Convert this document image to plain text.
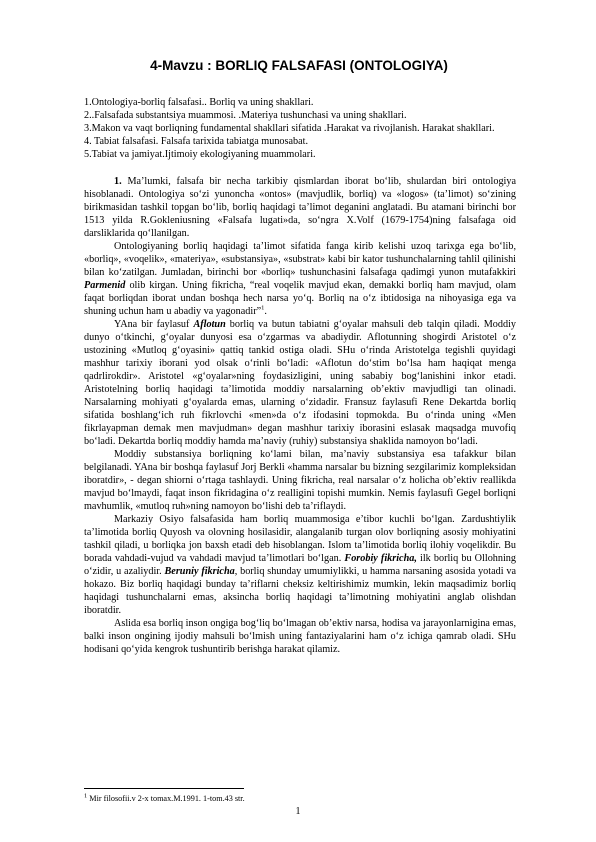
4-Mavzu : BORLIQ FALSAFASI (ONTOLOGIYA)

1.Ontologiya-borliq falsafasi.. Borliq va uning shakllari.

2..Falsafada substantsiya muammosi. .Materiya tushunchasi va uning shakllari.

3.Makon va vaqt borliqning fundamental shakllari sifatida .Harakat va rivojlanish. Harakat shakllari.

4. Tabiat falsafasi. Falsafa tarixida tabiatga munosabat.

5.Tabiat va jamiyat.Ijtimoiy ekologiyaning muammolari.

1. Ma’lumki, falsafa bir necha tarkibiy qismlardan iborat bo‘lib, shulardan biri ontologiya hisoblanadi. Ontologiya so‘zi yunoncha «ontos» (mavjudlik, borliq) va «logos» (ta’limot) so‘zining birikmasidan tashkil topgan bo‘lib, borliq haqidagi ta’limot deganini anglatadi. Bu atamani birinchi bor 1513 yilda R.Gokleniusning «Falsafa lugati»da, so‘ngra X.Volf (1679-1754)ning falsafaga oid darsliklarida qo‘llanilgan.

Ontologiyaning borliq haqidagi ta’limot sifatida fanga kirib kelishi uzoq tarixga ega bo‘lib, «borliq», «voqelik», «materiya», «substansiya», «substrat» kabi bir kator tushunchalarning tahlil qilinishi bilan ko‘zatilgan. Jumladan, birinchi bor «borliq» tushunchasini falsafaga qadimgi yunon mutafakkiri Parmenid olib kirgan. Uning fikricha, “real voqelik mavjud ekan, demakki borliq ham mavjud, olam faqat borliqdan iborat undan boshqa hech narsa yo‘q. Borliq na o‘z ibtidosiga na nihoyasiga ega va shuning uchun ham u abadiy va yagonadir”$^1$.

YAna bir faylasuf Aflotun borliq va butun tabiatni g‘oyalar mahsuli deb talqin qiladi. Moddiy dunyo o‘tkinchi, g‘oyalar dunyosi esa o‘zgarmas va abadiydir. Aflotunning shogirdi Aristotel o‘z ustozining «Mutloq g‘oyasini» qattiq tankid ostiga oladi. SHu o‘rinda Aristotelga tegishli quyidagi mashhur tarixiy iborani yod olsak o‘rinli bo‘ladi: «Aflotun do‘stim bo‘lsa ham haqiqat menga qadrlirokdir». Aristotel «g‘oyalar»ning foydasizligini, uning sababiy bog‘lanishini inkor etadi. Aristotelning borliq haqidagi ta’limotida moddiy narsalarning ob’ektiv mavjudligi tan olinadi. Narsalarning mohiyati g‘oyalarda emas, ularning o‘zidadir. Fransuz faylasufi Rene Dekartda borliq sifatida boshlang‘ich ruh fikrlovchi «men»da o‘z ifodasini topmokda. Bu o‘rinda uning «Men fikrlayapman demak men mavjudman» degan mashhur tarixiy iborasini eslasak maqsadga muvofiq bo‘ladi. Dekartda borliq moddiy hamda ma’naviy (ruhiy) substansiya shaklida namoyon bo‘ladi.

Moddiy substansiya borliqning ko‘lami bilan, ma’naviy substansiya esa tafakkur bilan belgilanadi. YAna bir boshqa faylasuf Jorj Berkli «hamma narsalar bu bizning sezgilarimiz kompleksidan iboratdir», - degan shiorni o‘rtaga tashlaydi. Uning fikricha, real narsalar o‘z holicha ob’ektiv reallikda mavjud bo‘lmaydi, faqat inson fikridagina o‘z realligini topishi mumkin. Nemis faylasufi Gegel borliqni mavhumlik, «mutloq ruh»ning namoyon bo‘lishi deb ta’riflaydi.

Markaziy Osiyo falsafasida ham borliq muammosiga e’tibor kuchli bo‘lgan. Zardushtiylik ta’limotida borliq Quyosh va olovning hosilasidir, alangalanib turgan olov borliqning asosiy mohiyatini tashkil qiladi, u borliqka jon baxsh etadi deb hisoblangan. Islom ta’limotida borliq ilohiy voqelikdir. Bu borada vahdadi-vujud va vahdadi mavjud ta’limotlari bo‘lgan. Forobiy fikricha, ilk borliq bu Ollohning o‘zidir, u azaliydir. Beruniy fikricha, borliq shunday umumiylikki, u hamma narsaning asosida yotadi va hokazo. Biz borliq haqidagi bunday ta’riflarni cheksiz keltirishimiz mumkin, lekin maqsadimiz borliq haqidagi tushunchalarni emas, aksincha borliq haqidagi ta’limotning mohiyatini anglab olishdan iboratdir.

Aslida esa borliq inson ongiga bog‘liq bo‘lmagan ob’ektiv narsa, hodisa va jarayonlarnigina emas, balki inson ongining ijodiy mahsuli bo‘lmish uning fantaziyalarini ham o‘z ichiga qamrab oladi. SHu hodisani qo‘yida kengrok tushuntirib berishga harakat qilamiz.

$^1$ Mir filosofii.v 2-x tomax.M.1991. 1-tom.43 str.
1
